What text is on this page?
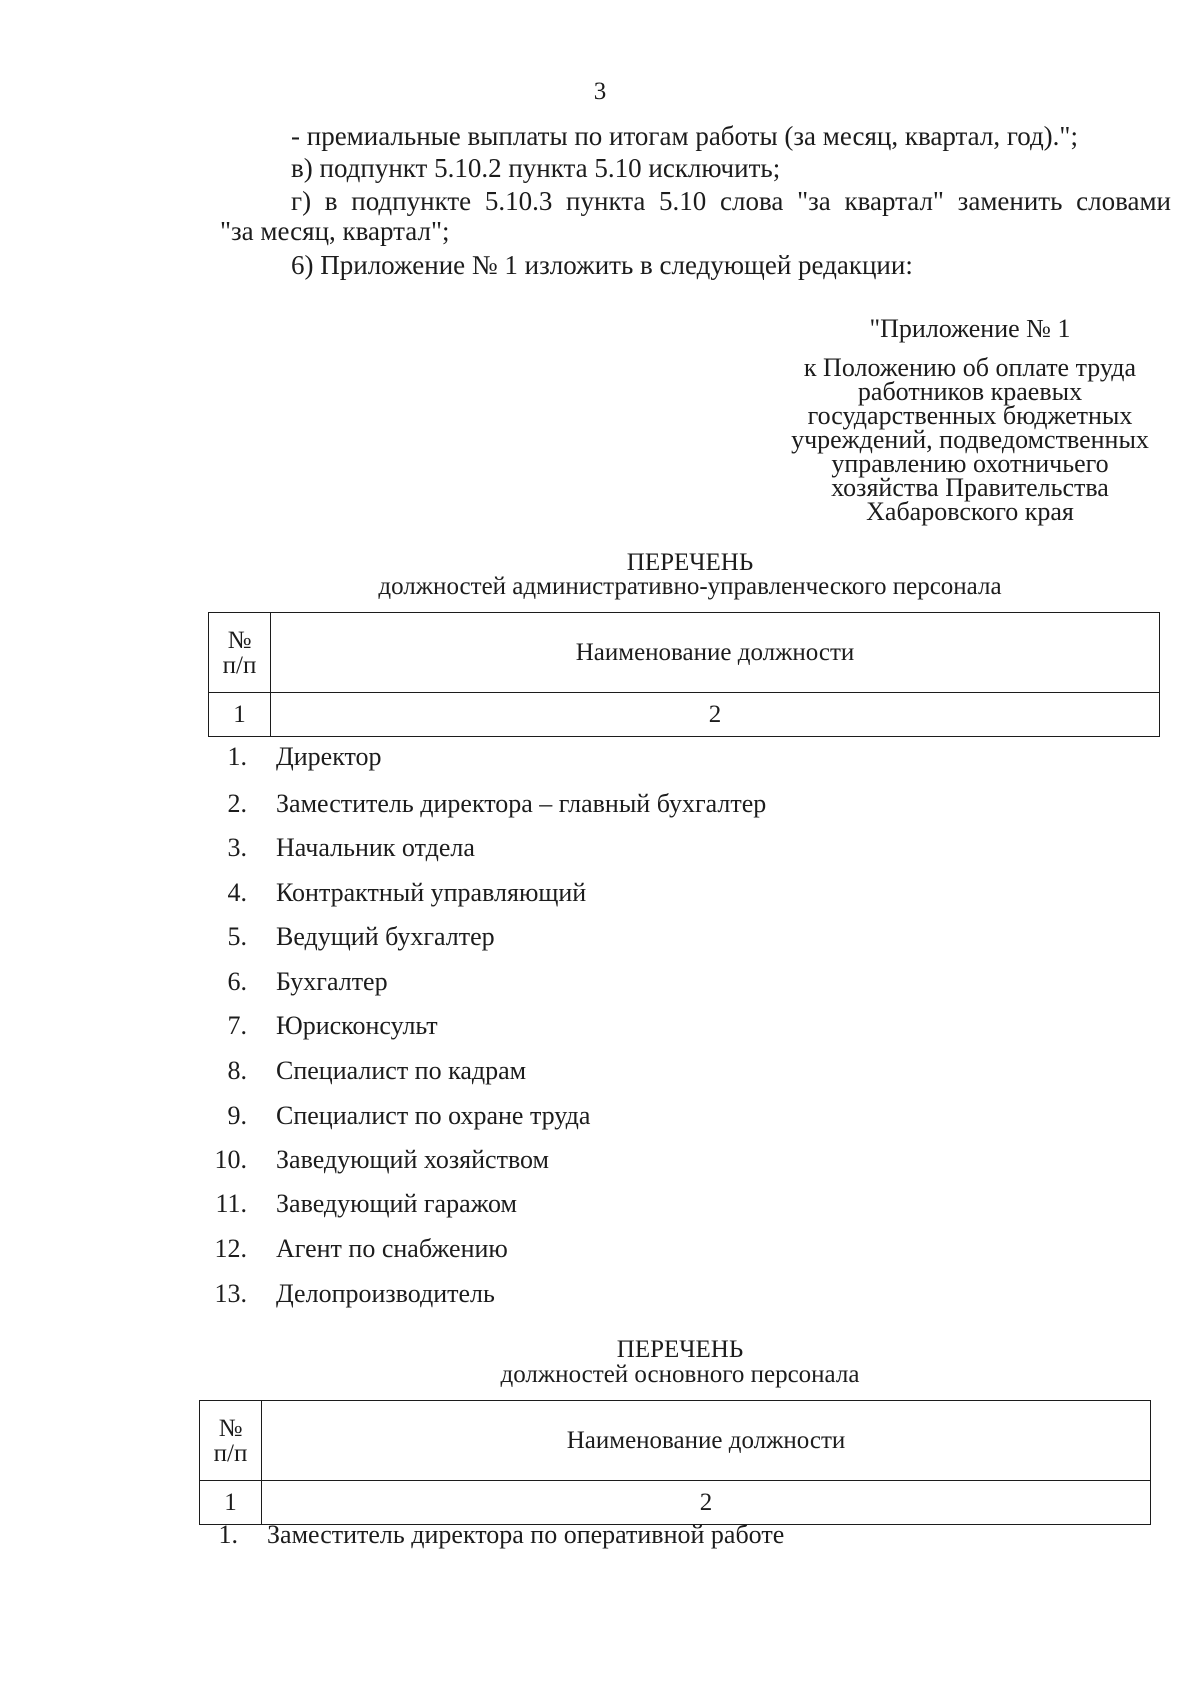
3
- премиальные выплаты по итогам работы (за месяц, квартал, год).";
в) подпункт 5.10.2 пункта 5.10 исключить;
г) в подпункте 5.10.3 пункта 5.10 слова "за квартал" заменить словами
"за месяц, квартал";
6) Приложение № 1 изложить в следующей редакции:
"Приложение № 1
к Положению об оплате труда
работников краевых
государственных бюджетных
учреждений, подведомственных
управлению охотничьего
хозяйства Правительства
Хабаровского края
ПЕРЕЧЕНЬ
должностей административно-управленческого персонала
№
п/п	Наименование должности
1	2
1. Директор
2. Заместитель директора – главный бухгалтер
3. Начальник отдела
4. Контрактный управляющий
5. Ведущий бухгалтер
6. Бухгалтер
7. Юрисконсульт
8. Специалист по кадрам
9. Специалист по охране труда
10. Заведующий хозяйством
11. Заведующий гаражом
12. Агент по снабжению
13. Делопроизводитель
ПЕРЕЧЕНЬ
должностей основного персонала
№
п/п	Наименование должности
1	2
1. Заместитель директора по оперативной работе
